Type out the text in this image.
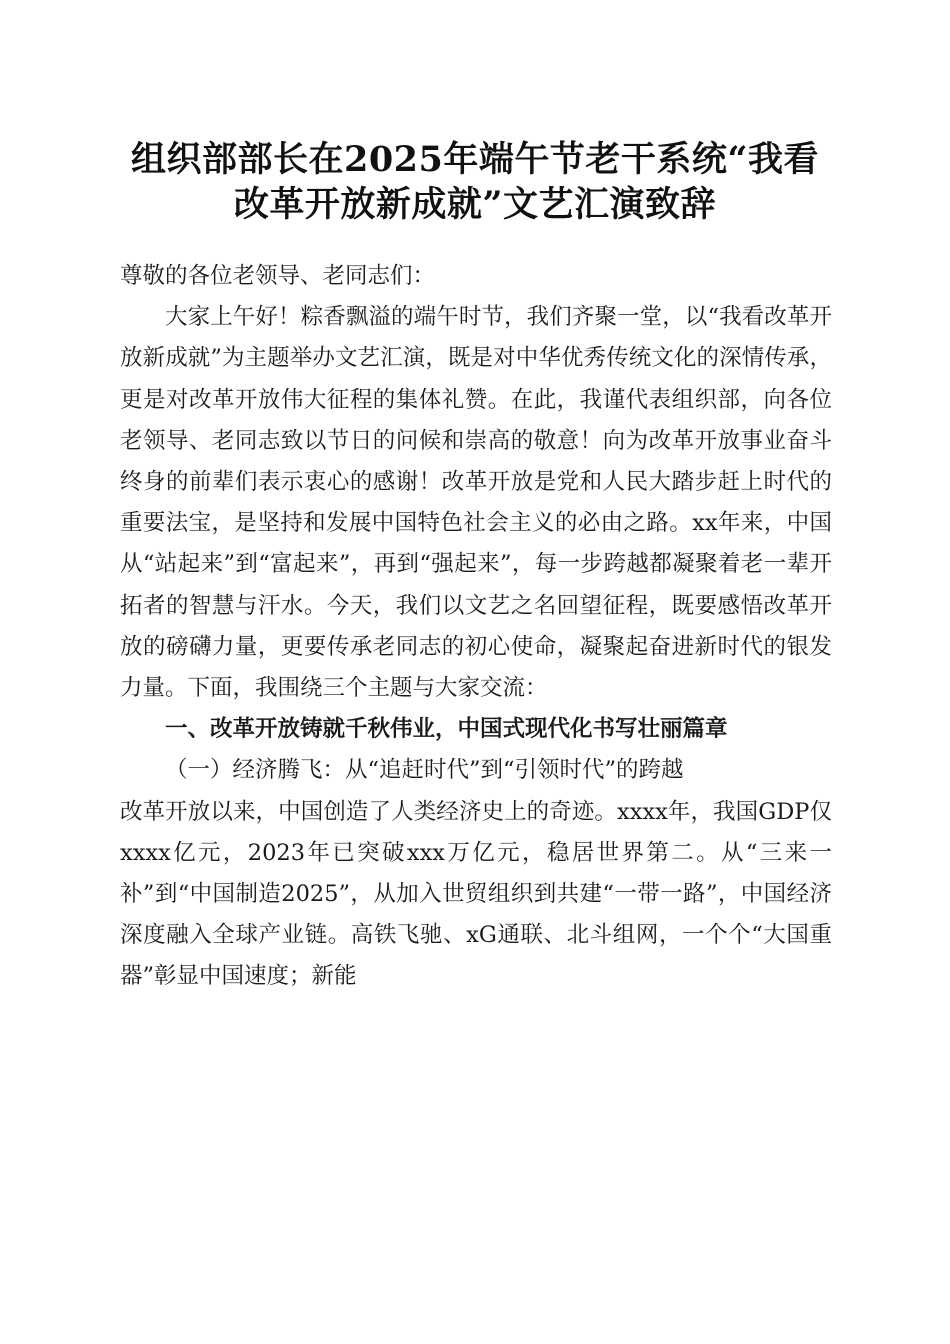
组织部部长在2025年端午节老干系统“我看
改革开放新成就”文艺汇演致辞

尊敬的各位老领导、老同志们：

大家上午好！粽香飘溢的端午时节，我们齐聚一堂，以“我看改革开放新成就”为主题举办文艺汇演，既是对中华优秀传统文化的深情传承，更是对改革开放伟大征程的集体礼赞。在此，我谨代表组织部，向各位老领导、老同志致以节日的问候和崇高的敬意！向为改革开放事业奋斗终身的前辈们表示衷心的感谢！改革开放是党和人民大踏步赶上时代的重要法宝，是坚持和发展中国特色社会主义的必由之路。xx年来，中国从“站起来”到“富起来”，再到“强起来”，每一步跨越都凝聚着老一辈开拓者的智慧与汗水。今天，我们以文艺之名回望征程，既要感悟改革开放的磅礴力量，更要传承老同志的初心使命，凝聚起奋进新时代的银发力量。下面，我围绕三个主题与大家交流：

一、改革开放铸就千秋伟业，中国式现代化书写壮丽篇章

（一）经济腾飞：从“追赶时代”到“引领时代”的跨越

改革开放以来，中国创造了人类经济史上的奇迹。xxxx年，我国GDP仅xxxx亿元，2023年已突破xxx万亿元，稳居世界第二。从“三来一补”到“中国制造2025”，从加入世贸组织到共建“一带一路”，中国经济深度融入全球产业链。高铁飞驰、xG通联、北斗组网，一个个“大国重器”彰显中国速度；新能
